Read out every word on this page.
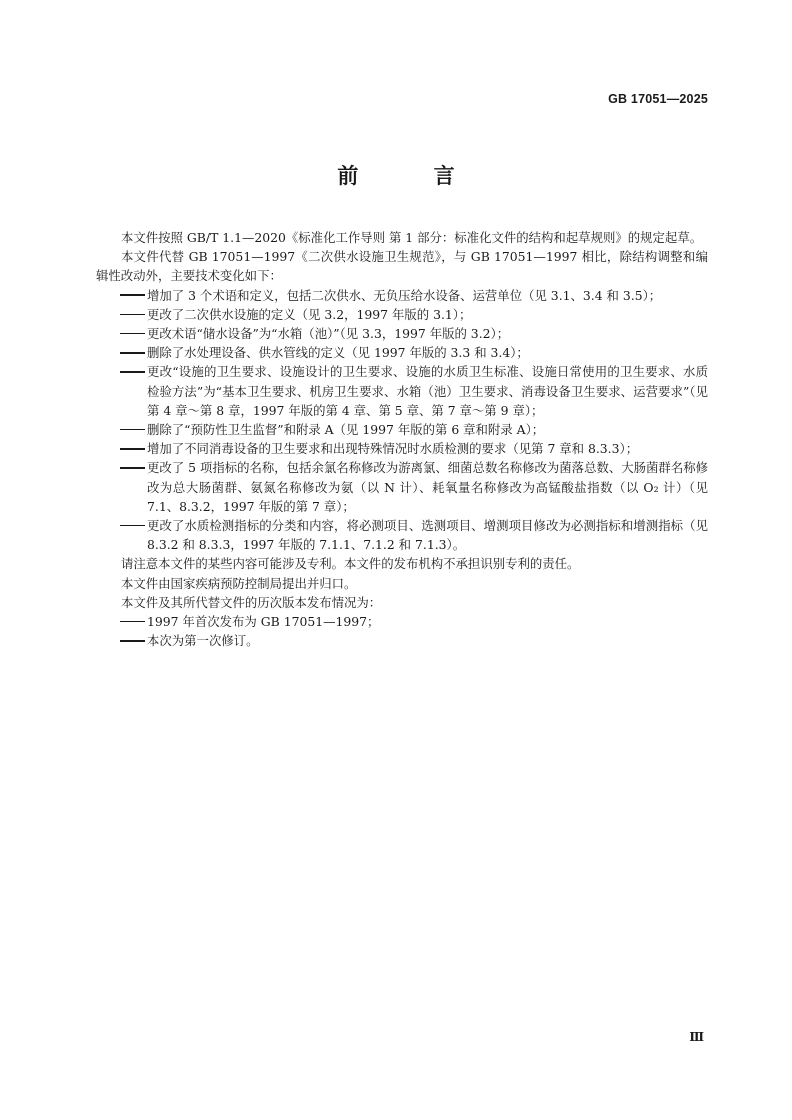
GB 17051—2025
前 言

本文件按照 GB/T 1.1—2020《标准化工作导则 第 1 部分：标准化文件的结构和起草规则》的规定起草。

本文件代替 GB 17051—1997《二次供水设施卫生规范》，与 GB 17051—1997 相比，除结构调整和编辑性改动外，主要技术变化如下：

增加了 3 个术语和定义，包括二次供水、无负压给水设备、运营单位（见 3.1、3.4 和 3.5）；

更改了二次供水设施的定义（见 3.2，1997 年版的 3.1）；

更改术语“储水设备”为“水箱（池）”（见 3.3，1997 年版的 3.2）；

删除了水处理设备、供水管线的定义（见 1997 年版的 3.3 和 3.4）；

更改“设施的卫生要求、设施设计的卫生要求、设施的水质卫生标准、设施日常使用的卫生要求、水质检验方法”为“基本卫生要求、机房卫生要求、水箱（池）卫生要求、消毒设备卫生要求、运营要求”（见第 4 章～第 8 章，1997 年版的第 4 章、第 5 章、第 7 章～第 9 章）；

删除了“预防性卫生监督”和附录 A（见 1997 年版的第 6 章和附录 A）；

增加了不同消毒设备的卫生要求和出现特殊情况时水质检测的要求（见第 7 章和 8.3.3）；

更改了 5 项指标的名称，包括余氯名称修改为游离氯、细菌总数名称修改为菌落总数、大肠菌群名称修改为总大肠菌群、氨氮名称修改为氨（以 N 计）、耗氧量名称修改为高锰酸盐指数（以 O₂ 计）（见 7.1、8.3.2，1997 年版的第 7 章）；

更改了水质检测指标的分类和内容，将必测项目、选测项目、增测项目修改为必测指标和增测指标（见 8.3.2 和 8.3.3，1997 年版的 7.1.1、7.1.2 和 7.1.3）。

请注意本文件的某些内容可能涉及专利。本文件的发布机构不承担识别专利的责任。

本文件由国家疾病预防控制局提出并归口。

本文件及其所代替文件的历次版本发布情况为：

1997 年首次发布为 GB 17051—1997；

本次为第一次修订。

Ⅲ
